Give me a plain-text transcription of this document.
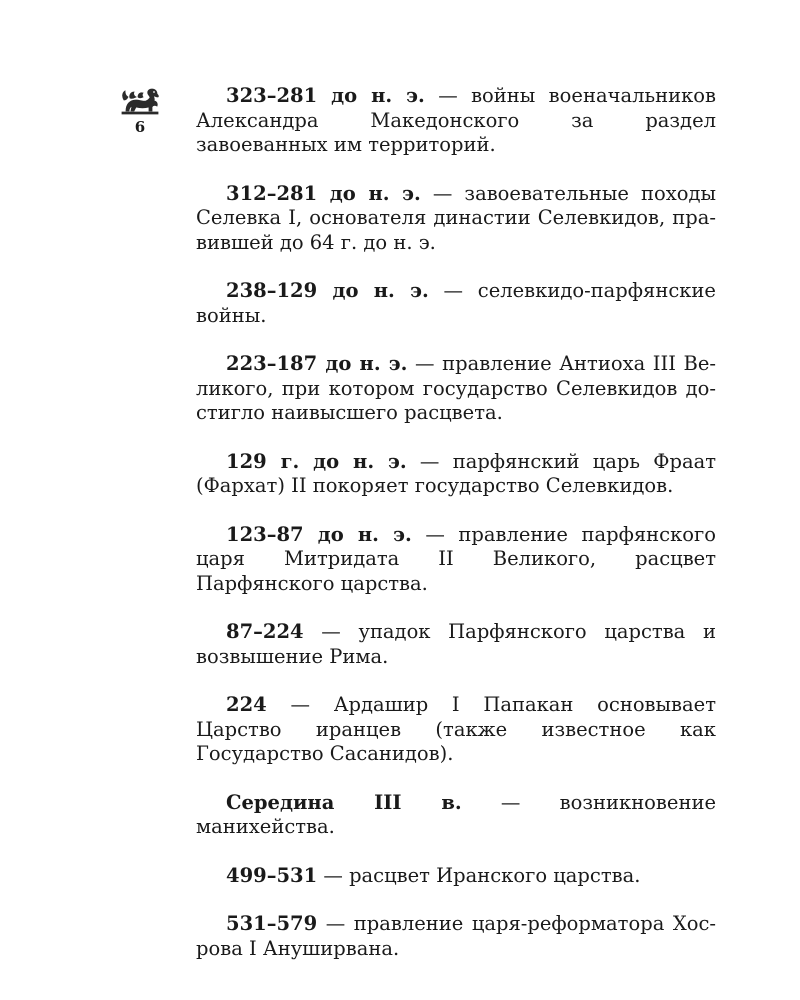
6

323–281 до н. э. — войны военачальников Александра Македонского за раздел завоеванных им территорий.

312–281 до н. э. — завоевательные походы Селевка I, основателя династии Селевкидов, правившей до 64 г. до н. э.

238–129 до н. э. — селевкидо-парфянские войны.

223–187 до н. э. — правление Антиоха III Великого, при котором государство Селевкидов достигло наивысшего расцвета.

129 г. до н. э. — парфянский царь Фраат (Фархат) II покоряет государство Селевкидов.

123–87 до н. э. — правление парфянского царя Митридата II Великого, расцвет Парфянского царства.

87–224 — упадок Парфянского царства и возвышение Рима.

224 — Ардашир I Папакан основывает Царство иранцев (также известное как Государство Сасанидов).

Середина III в. — возникновение манихейства.

499–531 — расцвет Иранского царства.

531–579 — правление царя-реформатора Хосрова I Ануширвана.
